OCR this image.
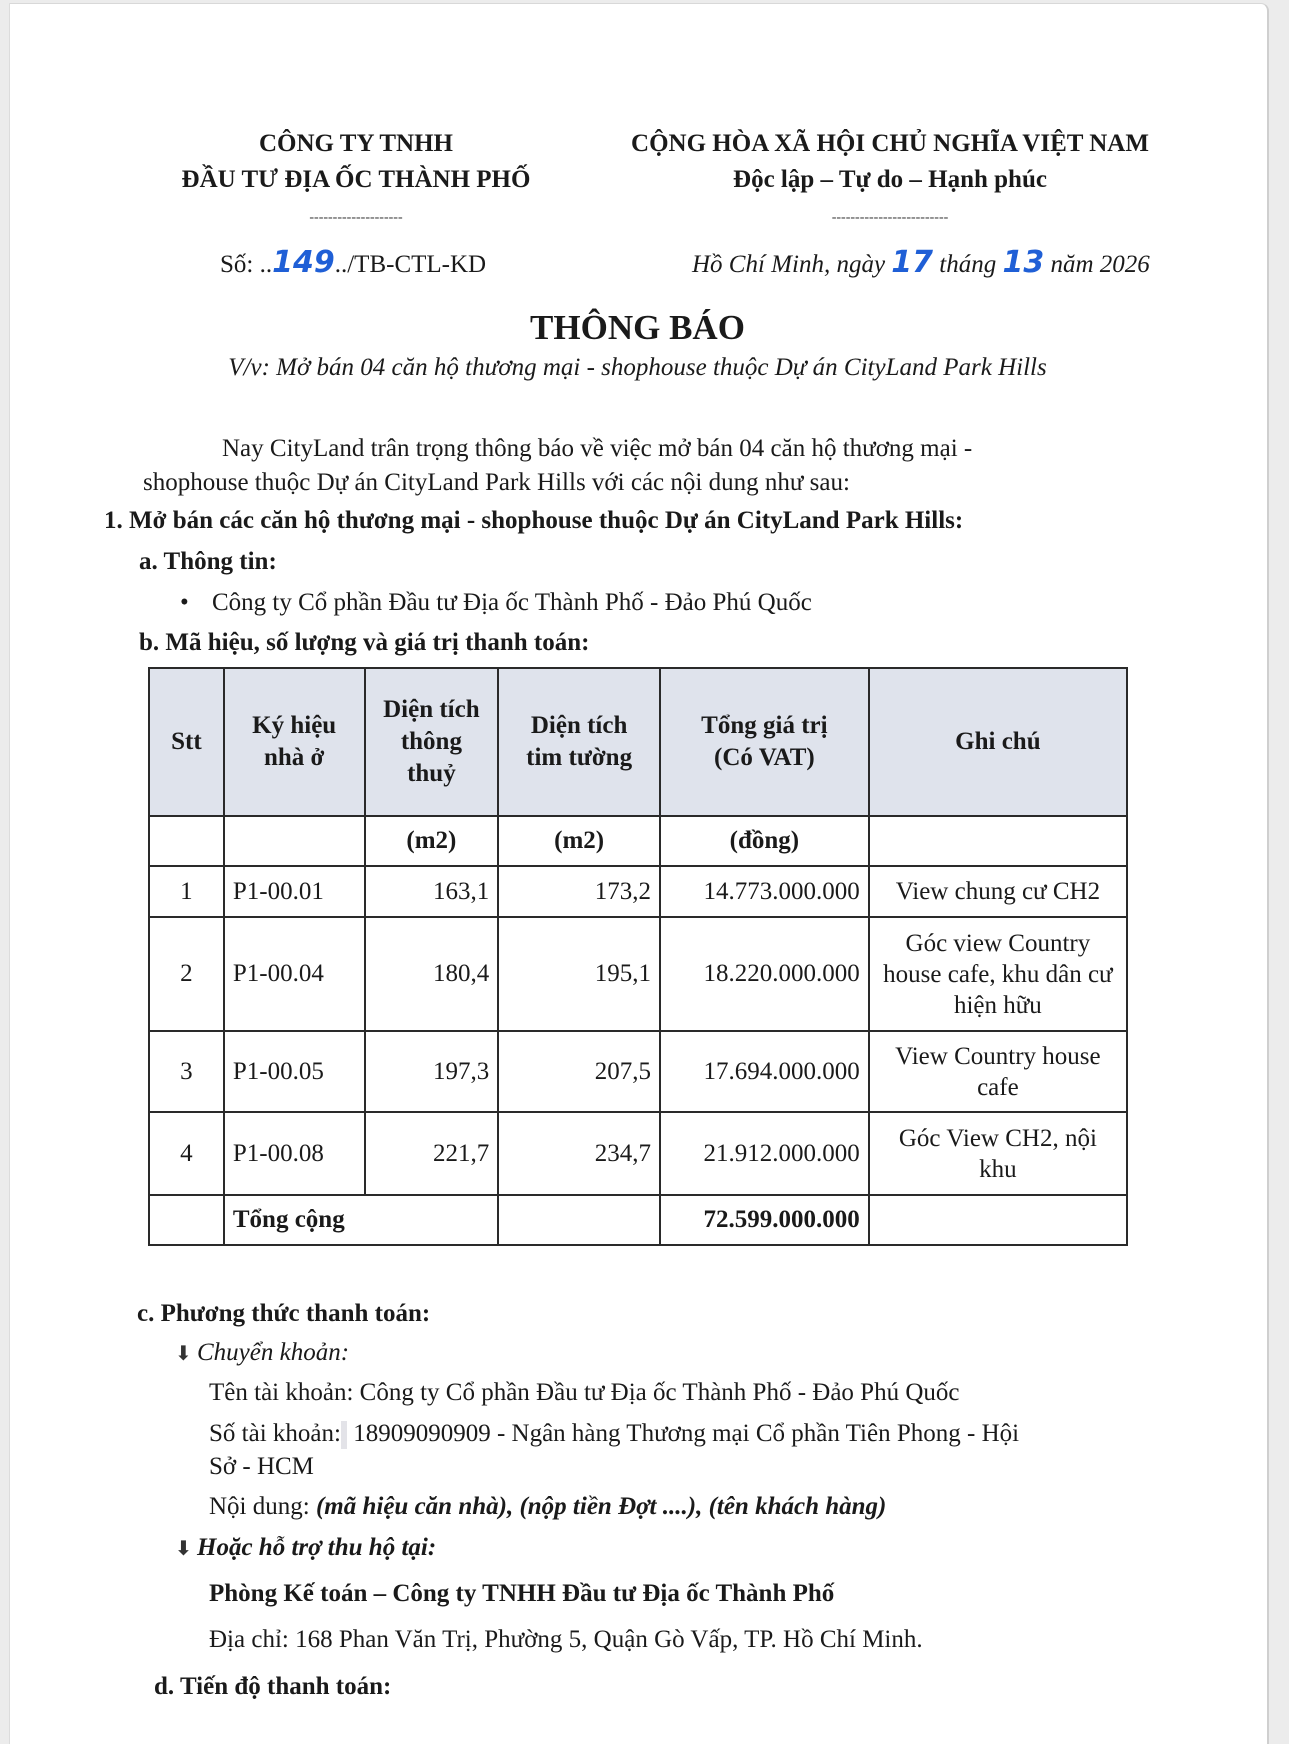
CÔNG TY TNHH
ĐẦU TƯ ĐỊA ỐC THÀNH PHỐ
--------------------
Số: ..149../TB-CTL-KD
CỘNG HÒA XÃ HỘI CHỦ NGHĨA VIỆT NAM
Độc lập – Tự do – Hạnh phúc
-------------------------
Hồ Chí Minh, ngày 17 tháng 13 năm 2026
THÔNG BÁO
V/v: Mở bán 04 căn hộ thương mại - shophouse thuộc Dự án CityLand Park Hills
Nay CityLand trân trọng thông báo về việc mở bán 04 căn hộ thương mại -
shophouse thuộc Dự án CityLand Park Hills với các nội dung như sau:
1. Mở bán các căn hộ thương mại - shophouse thuộc Dự án CityLand Park Hills:
a. Thông tin:
• Công ty Cổ phần Đầu tư Địa ốc Thành Phố - Đảo Phú Quốc
b. Mã hiệu, số lượng và giá trị thanh toán:
Stt	Ký hiệu nhà ở	Diện tích thông thuỷ	Diện tích tim tường	Tổng giá trị (Có VAT)	Ghi chú
		(m2)	(m2)	(đồng)	
1	P1-00.01	163,1	173,2	14.773.000.000	View chung cư CH2
2	P1-00.04	180,4	195,1	18.220.000.000	Góc view Country house cafe, khu dân cư hiện hữu
3	P1-00.05	197,3	207,5	17.694.000.000	View Country house cafe
4	P1-00.08	221,7	234,7	21.912.000.000	Góc View CH2, nội khu
	Tổng cộng			72.599.000.000	
c. Phương thức thanh toán:
⬇ Chuyển khoản:
Tên tài khoản: Công ty Cổ phần Đầu tư Địa ốc Thành Phố - Đảo Phú Quốc
Số tài khoản: 18909090909 - Ngân hàng Thương mại Cổ phần Tiên Phong - Hội
Sở - HCM
Nội dung: (mã hiệu căn nhà), (nộp tiền Đợt ....), (tên khách hàng)
⬇ Hoặc hỗ trợ thu hộ tại:
Phòng Kế toán – Công ty TNHH Đầu tư Địa ốc Thành Phố
Địa chỉ: 168 Phan Văn Trị, Phường 5, Quận Gò Vấp, TP. Hồ Chí Minh.
d. Tiến độ thanh toán:
